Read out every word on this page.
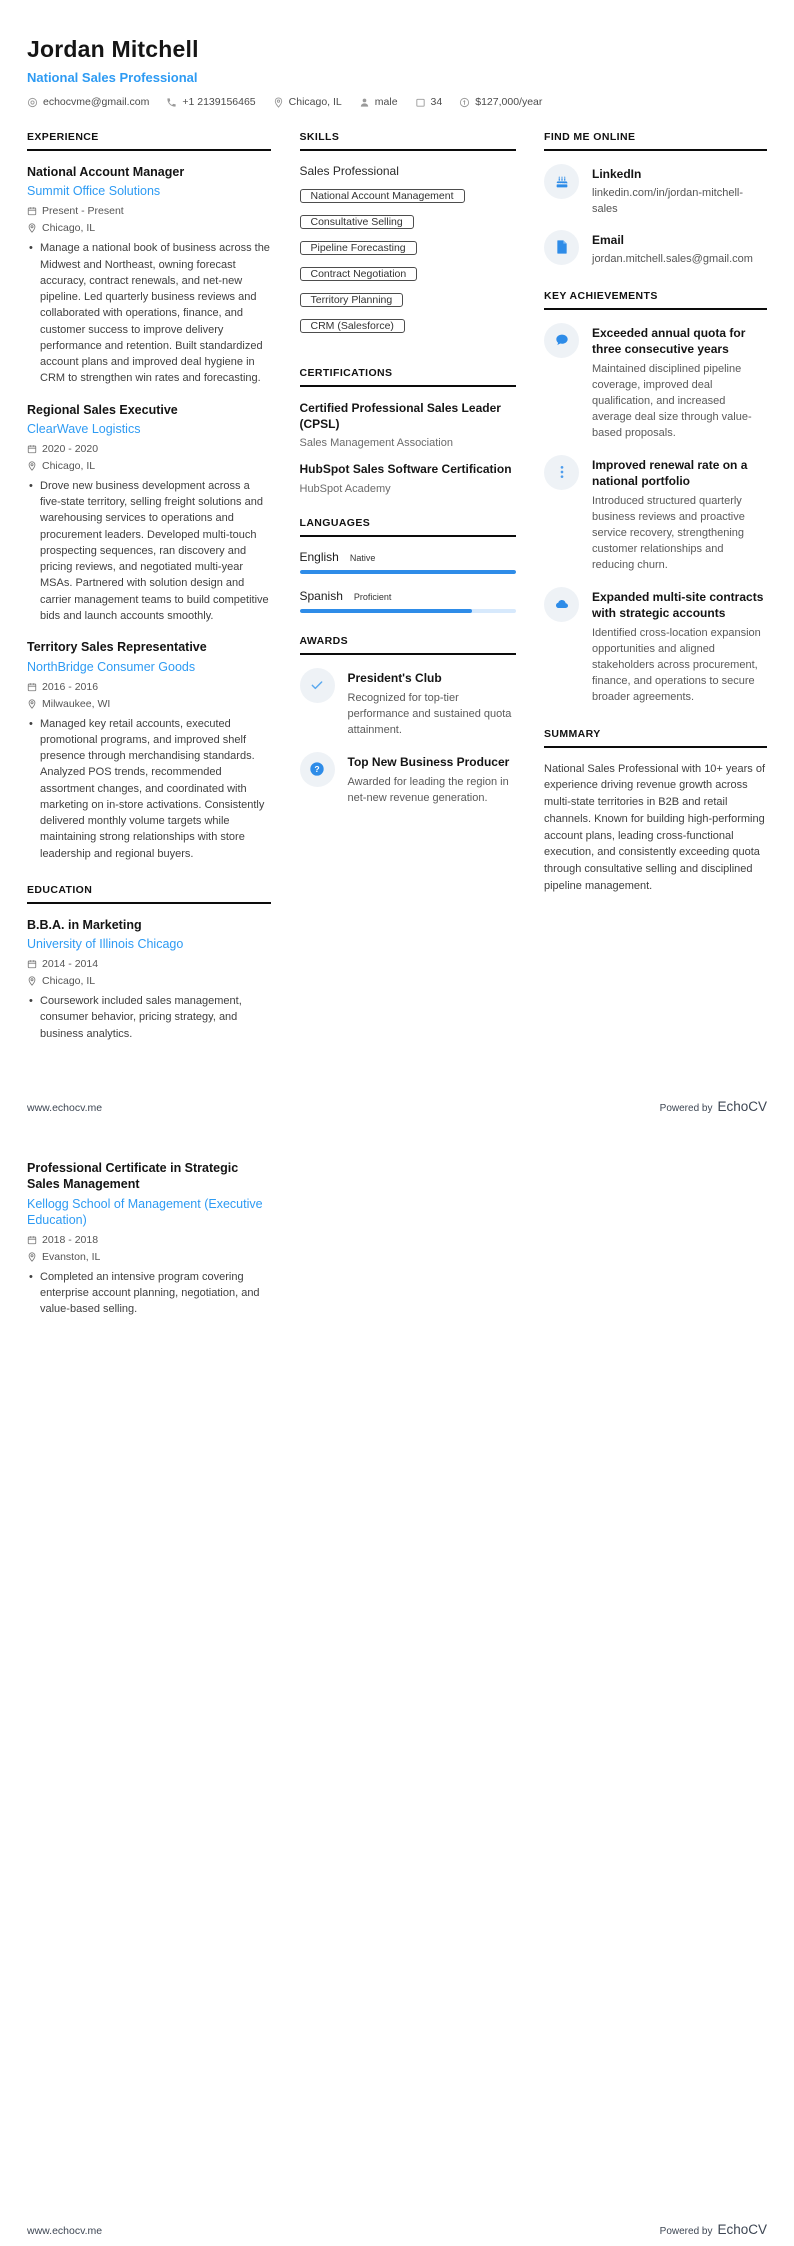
Jordan Mitchell
National Sales Professional
echocvme@gmail.com	+1 2139156465	Chicago, IL	male	34	$127,000/year
EXPERIENCE
National Account Manager
Summit Office Solutions
Present - Present
Chicago, IL
• Manage a national book of business across the Midwest and Northeast, owning forecast accuracy, contract renewals, and net-new pipeline. Led quarterly business reviews and collaborated with operations, finance, and customer success to improve delivery performance and retention. Built standardized account plans and improved deal hygiene in CRM to strengthen win rates and forecasting.
Regional Sales Executive
ClearWave Logistics
2020 - 2020
Chicago, IL
• Drove new business development across a five-state territory, selling freight solutions and warehousing services to operations and procurement leaders. Developed multi-touch prospecting sequences, ran discovery and pricing reviews, and negotiated multi-year MSAs. Partnered with solution design and carrier management teams to build competitive bids and launch accounts smoothly.
Territory Sales Representative
NorthBridge Consumer Goods
2016 - 2016
Milwaukee, WI
• Managed key retail accounts, executed promotional programs, and improved shelf presence through merchandising standards. Analyzed POS trends, recommended assortment changes, and coordinated with marketing on in-store activations. Consistently delivered monthly volume targets while maintaining strong relationships with store leadership and regional buyers.
EDUCATION
B.B.A. in Marketing
University of Illinois Chicago
2014 - 2014
Chicago, IL
• Coursework included sales management, consumer behavior, pricing strategy, and business analytics.
SKILLS
Sales Professional
National Account Management
Consultative Selling
Pipeline Forecasting
Contract Negotiation
Territory Planning
CRM (Salesforce)
CERTIFICATIONS
Certified Professional Sales Leader (CPSL)
Sales Management Association
HubSpot Sales Software Certification
HubSpot Academy
LANGUAGES
English Native
Spanish Proficient
AWARDS
President's Club
Recognized for top-tier performance and sustained quota attainment.
?
Top New Business Producer
Awarded for leading the region in net-new revenue generation.
FIND ME ONLINE
LinkedIn
linkedin.com/in/jordan-mitchell-sales
Email
jordan.mitchell.sales@gmail.com
KEY ACHIEVEMENTS
Exceeded annual quota for three consecutive years
Maintained disciplined pipeline coverage, improved deal qualification, and increased average deal size through value-based proposals.
Improved renewal rate on a national portfolio
Introduced structured quarterly business reviews and proactive service recovery, strengthening customer relationships and reducing churn.
Expanded multi-site contracts with strategic accounts
Identified cross-location expansion opportunities and aligned stakeholders across procurement, finance, and operations to secure broader agreements.
SUMMARY
National Sales Professional with 10+ years of experience driving revenue growth across multi-state territories in B2B and retail channels. Known for building high-performing account plans, leading cross-functional execution, and consistently exceeding quota through consultative selling and disciplined pipeline management.
www.echocv.me	Powered by EchoCV
Professional Certificate in Strategic Sales Management
Kellogg School of Management (Executive Education)
2018 - 2018
Evanston, IL
• Completed an intensive program covering enterprise account planning, negotiation, and value-based selling.
www.echocv.me	Powered by EchoCV
